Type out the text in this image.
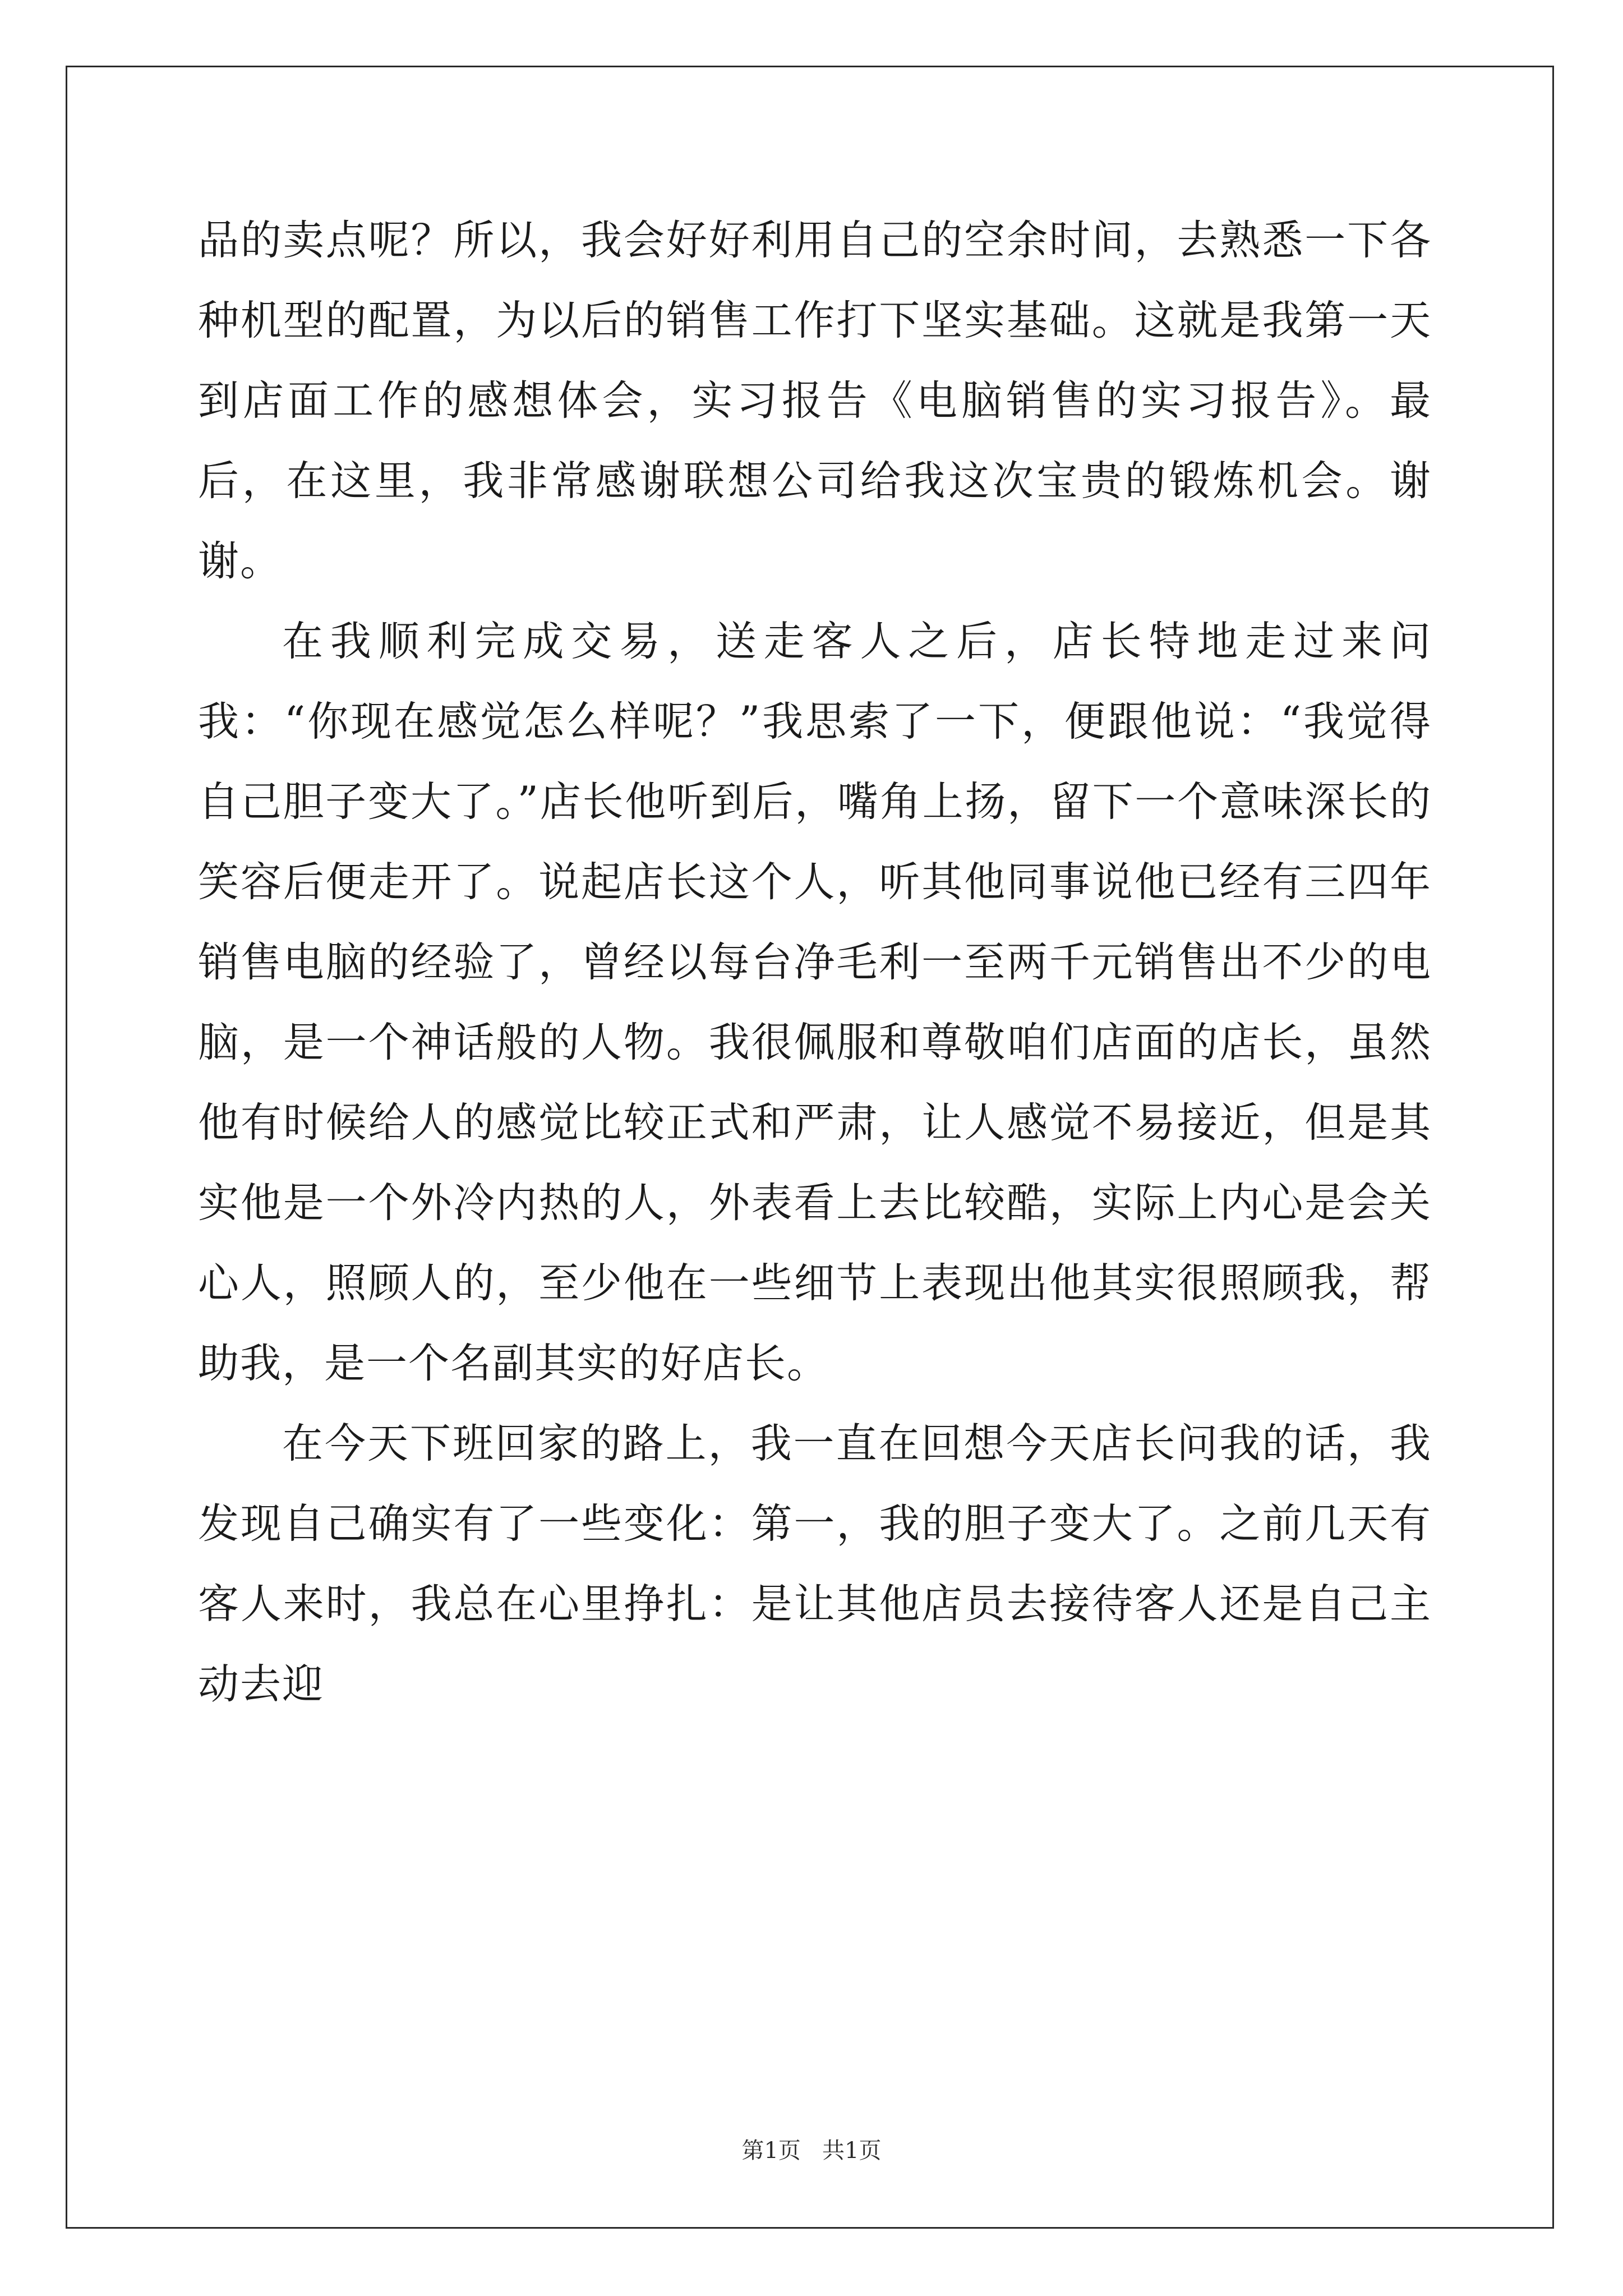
品的卖点呢？所以，我会好好利用自己的空余时间，去熟悉一下各种机型的配置，为以后的销售工作打下坚实基础。这就是我第一天到店面工作的感想体会，实习报告《电脑销售的实习报告》。最后，在这里，我非常感谢联想公司给我这次宝贵的锻炼机会。谢谢。

在我顺利完成交易，送走客人之后，店长特地走过来问我：“你现在感觉怎么样呢？”我思索了一下，便跟他说：“我觉得自己胆子变大了。”店长他听到后，嘴角上扬，留下一个意味深长的笑容后便走开了。说起店长这个人，听其他同事说他已经有三四年销售电脑的经验了，曾经以每台净毛利一至两千元销售出不少的电脑，是一个神话般的人物。我很佩服和尊敬咱们店面的店长，虽然他有时候给人的感觉比较正式和严肃，让人感觉不易接近，但是其实他是一个外冷内热的人，外表看上去比较酷，实际上内心是会关心人，照顾人的，至少他在一些细节上表现出他其实很照顾我，帮助我，是一个名副其实的好店长。

在今天下班回家的路上，我一直在回想今天店长问我的话，我发现自己确实有了一些变化：第一，我的胆子变大了。之前几天有客人来时，我总在心里挣扎：是让其他店员去接待客人还是自己主动去迎

第1页   共1页
